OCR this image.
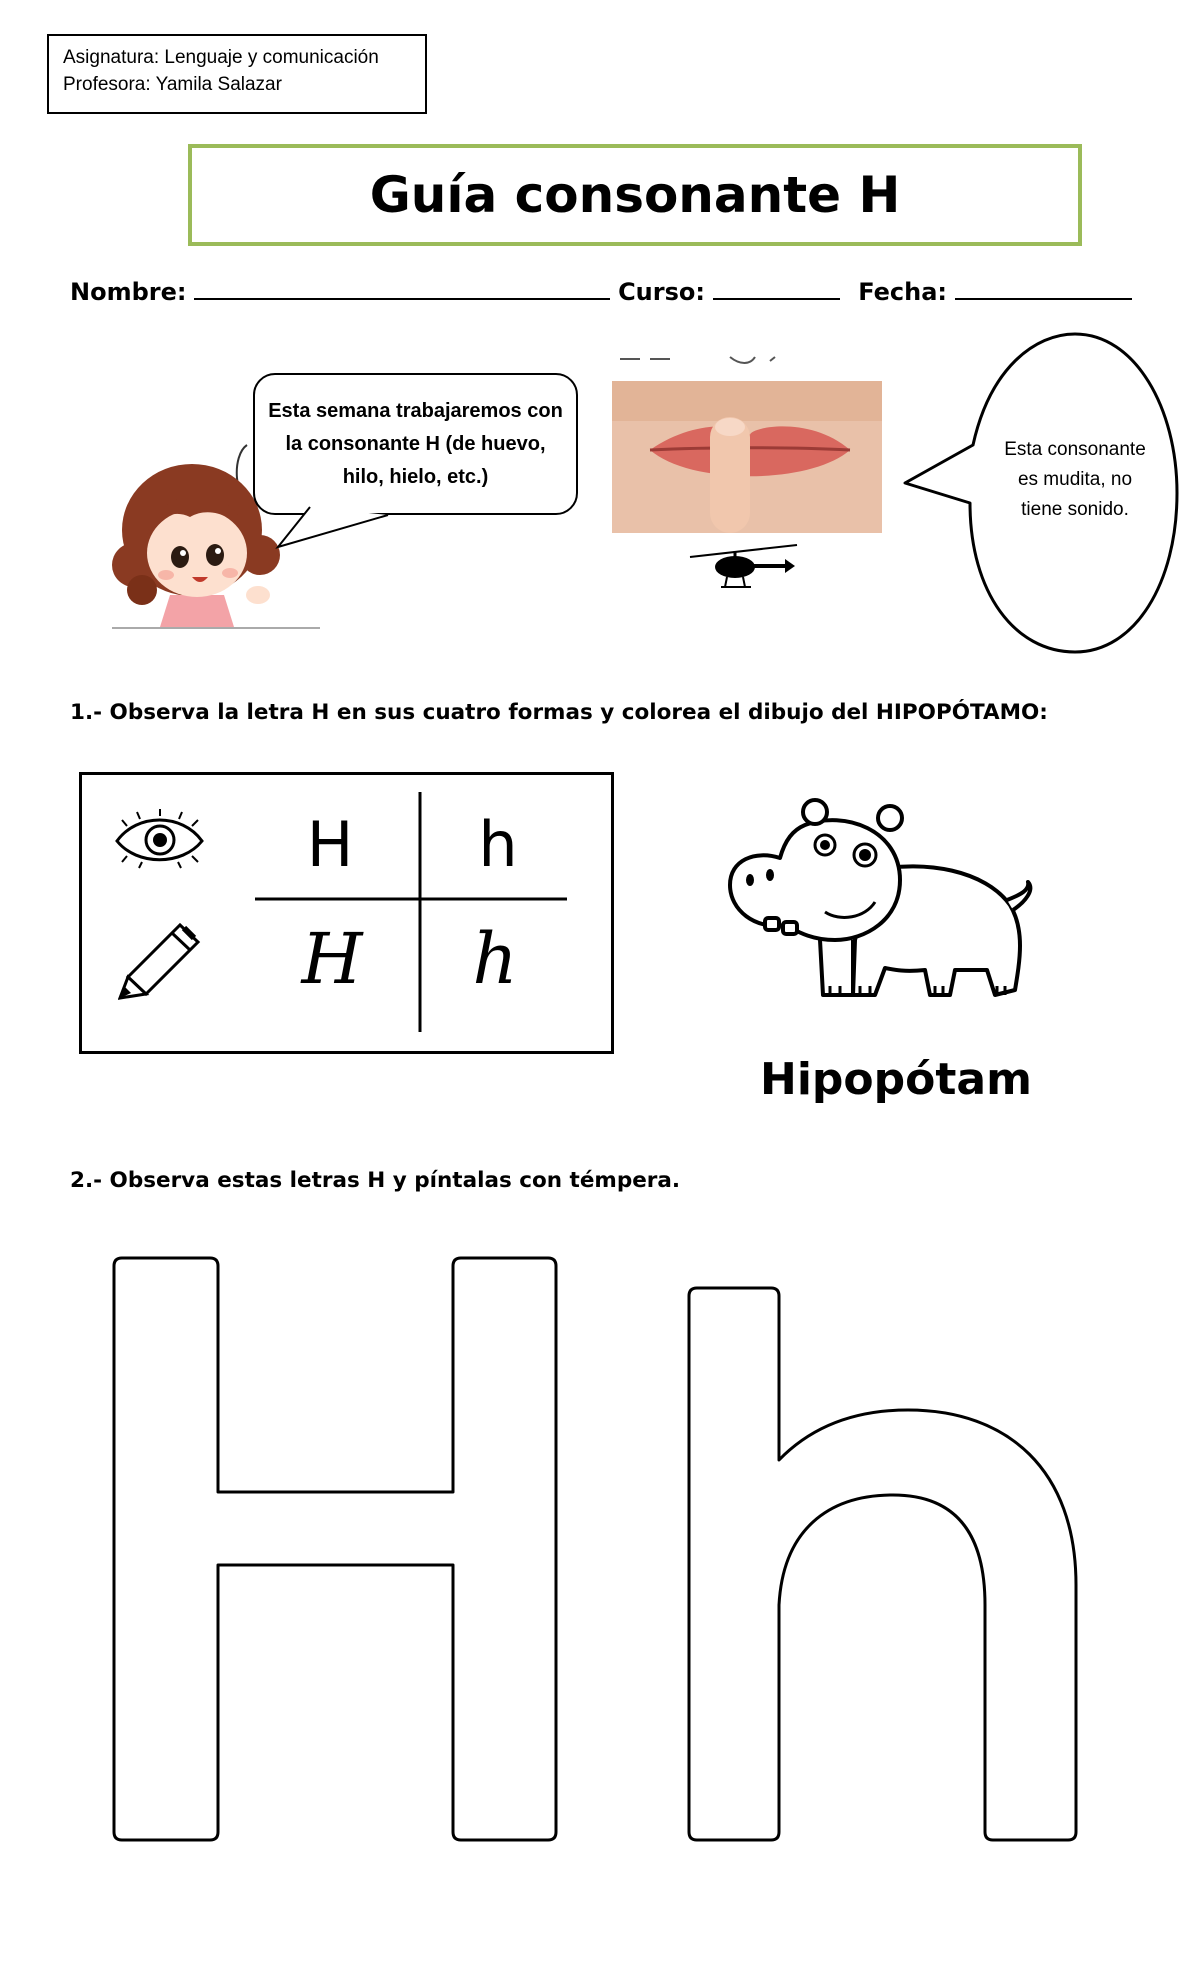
Asignatura: Lenguaje y comunicación
Profesora: Yamila Salazar
Guía consonante H
Nombre:	Curso:	Fecha:
Esta semana trabajaremos con la consonante H (de huevo, hilo, hielo, etc.)
Esta consonante es mudita, no tiene sonido.
1.- Observa la letra H en sus cuatro formas y colorea el dibujo del HIPOPÓTAMO:
H h
H h
Hipopótam
2.- Observa estas letras H y píntalas con témpera.
